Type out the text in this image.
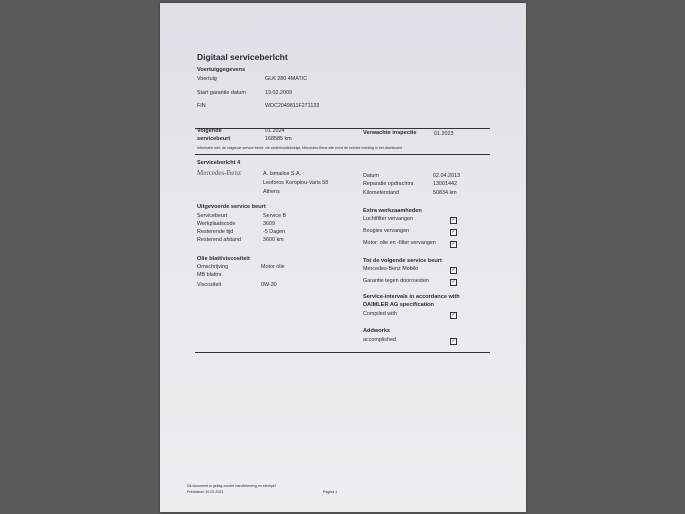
Digitaal serviceberlcht
Voertuiggegevens
Voertuig	GLK 280 4MATIC
Start garantie datum	19.02.2009
FIN	WDC2049811F271133
Volgende
servicebeurt
01.2024
168585 km
Verwachte inspectie	01.2023
Informatie mbt. de volgende service beurt: zie onderhoudsboekje, Mercedes-Benz site en/of de service melding in het dashboard
Serviceberlcht 4
Mercedes-Benz	A. Ismailos S.A.
Leoforos Koropiou-Varis 58
Athens
Datum	02.04.2013
Reparatie opdrachtnr.	13001442
Kilometerstand	50834 km
Uitgevoerde service beurt
Servicebeurt	Service B
Werkplaatscode	3609
Resterende tijd	-5 Dagen
Resterend afstand	3600 km
Olie blatt/viscositeit
Omschrijving	Motor olie
MB blattnr.
Viscositeit	0W-30
Extra werkzaamheden
Luchtfilter vervangen	✓
Bougies vervangen	✓
Motor: olie en -filter vervangen	✓
Tot de volgende service beurt
Mercedes-Benz Mobilo	✓
Garantie tegen doorroesten	✓
Service-intervals in accordance with
DAIMLER AG specification
Compiled with	✓
Addworks
accomplished	✓
Dit document is geldig zonder handtekening en stempel
Printdatum 10.02.2023	Pagina 1
